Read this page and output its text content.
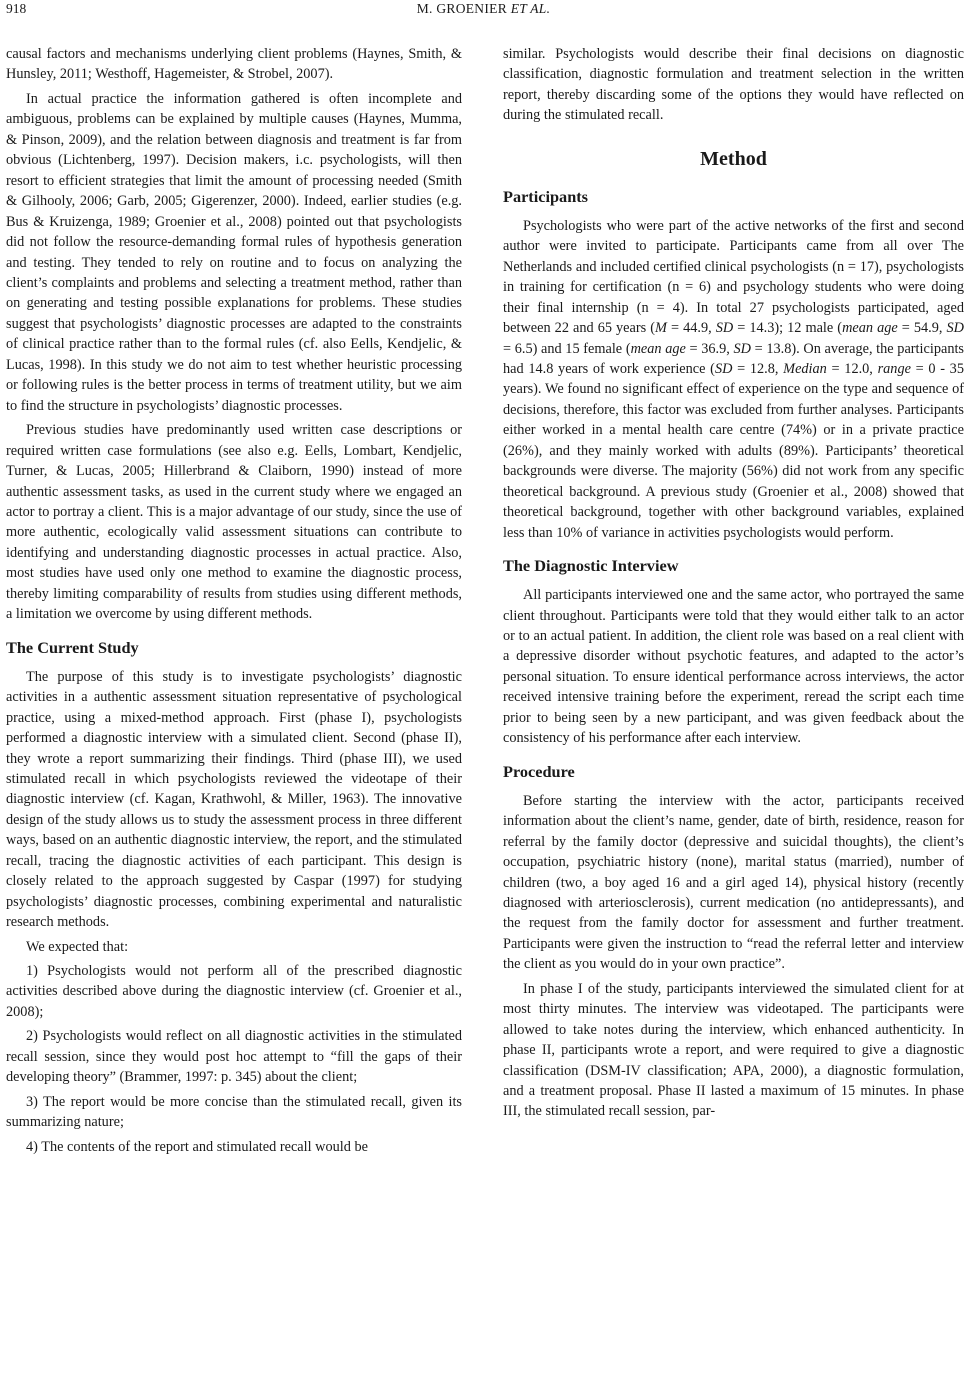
918	M. GROENIER ET AL.

causal factors and mechanisms underlying client problems (Haynes, Smith, & Hunsley, 2011; Westhoff, Hagemeister, & Strobel, 2007).

In actual practice the information gathered is often incomplete and ambiguous, problems can be explained by multiple causes (Haynes, Mumma, & Pinson, 2009), and the relation between diagnosis and treatment is far from obvious (Lichtenberg, 1997). Decision makers, i.c. psychologists, will then resort to efficient strategies that limit the amount of processing needed (Smith & Gilhooly, 2006; Garb, 2005; Gigerenzer, 2000). Indeed, earlier studies (e.g. Bus & Kruizenga, 1989; Groenier et al., 2008) pointed out that psychologists did not follow the resource-demanding formal rules of hypothesis generation and testing. They tended to rely on routine and to focus on analyzing the client’s complaints and problems and selecting a treatment method, rather than on generating and testing possible explanations for problems. These studies suggest that psychologists’ diagnostic processes are adapted to the constraints of clinical practice rather than to the formal rules (cf. also Eells, Kendjelic, & Lucas, 1998). In this study we do not aim to test whether heuristic processing or following rules is the better process in terms of treatment utility, but we aim to find the structure in psychologists’ diagnostic processes.

Previous studies have predominantly used written case descriptions or required written case formulations (see also e.g. Eells, Lombart, Kendjelic, Turner, & Lucas, 2005; Hillerbrand & Claiborn, 1990) instead of more authentic assessment tasks, as used in the current study where we engaged an actor to portray a client. This is a major advantage of our study, since the use of more authentic, ecologically valid assessment situations can contribute to identifying and understanding diagnostic processes in actual practice. Also, most studies have used only one method to examine the diagnostic process, thereby limiting comparability of results from studies using different methods, a limitation we overcome by using different methods.

The Current Study

The purpose of this study is to investigate psychologists’ diagnostic activities in a authentic assessment situation representative of psychological practice, using a mixed-method approach. First (phase I), psychologists performed a diagnostic interview with a simulated client. Second (phase II), they wrote a report summarizing their findings. Third (phase III), we used stimulated recall in which psychologists reviewed the videotape of their diagnostic interview (cf. Kagan, Krathwohl, & Miller, 1963). The innovative design of the study allows us to study the assessment process in three different ways, based on an authentic diagnostic interview, the report, and the stimulated recall, tracing the diagnostic activities of each participant. This design is closely related to the approach suggested by Caspar (1997) for studying psychologists’ diagnostic processes, combining experimental and naturalistic research methods.

We expected that:

1) Psychologists would not perform all of the prescribed diagnostic activities described above during the diagnostic interview (cf. Groenier et al., 2008);

2) Psychologists would reflect on all diagnostic activities in the stimulated recall session, since they would post hoc attempt to “fill the gaps of their developing theory” (Brammer, 1997: p. 345) about the client;

3) The report would be more concise than the stimulated recall, given its summarizing nature;

4) The contents of the report and stimulated recall would be

similar. Psychologists would describe their final decisions on diagnostic classification, diagnostic formulation and treatment selection in the written report, thereby discarding some of the options they would have reflected on during the stimulated recall.

Method
Participants

Psychologists who were part of the active networks of the first and second author were invited to participate. Participants came from all over The Netherlands and included certified clinical psychologists (n = 17), psychologists in training for certification (n = 6) and psychology students who were doing their final internship (n = 4). In total 27 psychologists participated, aged between 22 and 65 years (M = 44.9, SD = 14.3); 12 male (mean age = 54.9, SD = 6.5) and 15 female (mean age = 36.9, SD = 13.8). On average, the participants had 14.8 years of work experience (SD = 12.8, Median = 12.0, range = 0 - 35 years). We found no significant effect of experience on the type and sequence of decisions, therefore, this factor was excluded from further analyses. Participants either worked in a mental health care centre (74%) or in a private practice (26%), and they mainly worked with adults (89%). Participants’ theoretical backgrounds were diverse. The majority (56%) did not work from any specific theoretical background. A previous study (Groenier et al., 2008) showed that theoretical background, together with other background variables, explained less than 10% of variance in activities psychologists would perform.

The Diagnostic Interview

All participants interviewed one and the same actor, who portrayed the same client throughout. Participants were told that they would either talk to an actor or to an actual patient. In addition, the client role was based on a real client with a depressive disorder without psychotic features, and adapted to the actor’s personal situation. To ensure identical performance across interviews, the actor received intensive training before the experiment, reread the script each time prior to being seen by a new participant, and was given feedback about the consistency of his performance after each interview.

Procedure

Before starting the interview with the actor, participants received information about the client’s name, gender, date of birth, residence, reason for referral by the family doctor (depressive and suicidal thoughts), the client’s occupation, psychiatric history (none), marital status (married), number of children (two, a boy aged 16 and a girl aged 14), physical history (recently diagnosed with arteriosclerosis), current medication (no antidepressants), and the request from the family doctor for assessment and further treatment. Participants were given the instruction to “read the referral letter and interview the client as you would do in your own practice”.

In phase I of the study, participants interviewed the simulated client for at most thirty minutes. The interview was videotaped. The participants were allowed to take notes during the interview, which enhanced authenticity. In phase II, participants wrote a report, and were required to give a diagnostic classification (DSM-IV classification; APA, 2000), a diagnostic formulation, and a treatment proposal. Phase II lasted a maximum of 15 minutes. In phase III, the stimulated recall session, par-
